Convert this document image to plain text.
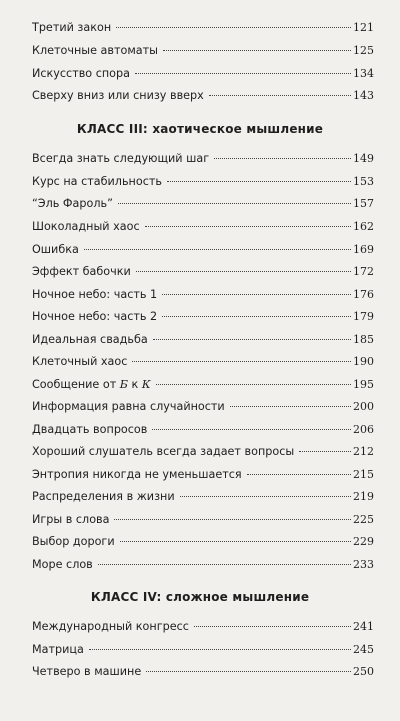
Третий закон	121
Клеточные автоматы	125
Искусство спора	134
Сверху вниз или снизу вверх	143
КЛАСС III: хаотическое мышление
Всегда знать следующий шаг	149
Курс на стабильность	153
“Эль Фароль”	157
Шоколадный хаос	162
Ошибка	169
Эффект бабочки	172
Ночное небо: часть 1	176
Ночное небо: часть 2	179
Идеальная свадьба	185
Клеточный хаос	190
Сообщение от Б к К	195
Информация равна случайности	200
Двадцать вопросов	206
Хороший слушатель всегда задает вопросы	212
Энтропия никогда не уменьшается	215
Распределения в жизни	219
Игры в слова	225
Выбор дороги	229
Море слов	233
КЛАСС IV: сложное мышление
Международный конгресс	241
Матрица	245
Четверо в машине	250
